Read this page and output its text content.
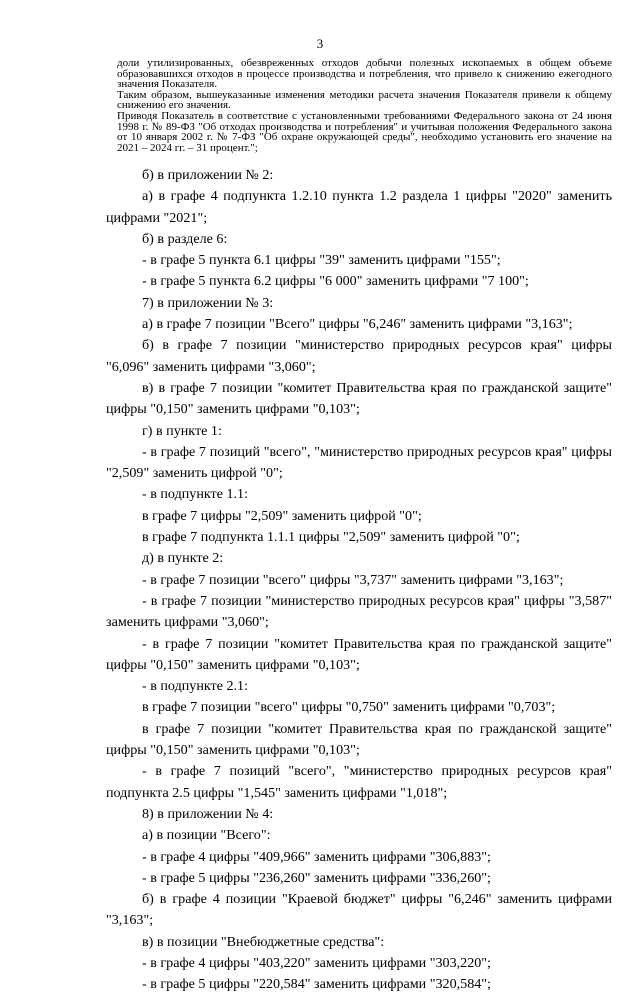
3

доли утилизированных, обезвреженных отходов добычи полезных ископаемых в общем объеме образовавшихся отходов в процессе производства и потребления, что привело к снижению ежегодного значения Показателя.

Таким образом, вышеуказанные изменения методики расчета значения Показателя привели к общему снижению его значения.

Приводя Показатель в соответствие с установленными требованиями Федерального закона от 24 июня 1998 г. № 89-ФЗ "Об отходах производства и потребления" и учитывая положения Федерального закона от 10 января 2002 г. № 7-ФЗ "Об охране окружающей среды", необходимо установить его значение на 2021 – 2024 гг. – 31 процент.";

б) в приложении № 2:

а) в графе 4 подпункта 1.2.10 пункта 1.2 раздела 1 цифры "2020" заменить цифрами "2021";

б) в разделе 6:

- в графе 5 пункта 6.1 цифры "39" заменить цифрами "155";

- в графе 5 пункта 6.2 цифры "6 000" заменить цифрами "7 100";

7) в приложении № 3:

а) в графе 7 позиции "Всего" цифры "6,246" заменить цифрами "3,163";

б) в графе 7 позиции "министерство природных ресурсов края" цифры "6,096" заменить цифрами "3,060";

в) в графе 7 позиции "комитет Правительства края по гражданской защите" цифры "0,150" заменить цифрами "0,103";

г) в пункте 1:

- в графе 7 позиций "всего", "министерство природных ресурсов края" цифры "2,509" заменить цифрой "0";

- в подпункте 1.1:

в графе 7 цифры "2,509" заменить цифрой "0";

в графе 7 подпункта 1.1.1 цифры "2,509" заменить цифрой "0";

д) в пункте 2:

- в графе 7 позиции "всего" цифры "3,737" заменить цифрами "3,163";

- в графе 7 позиции "министерство природных ресурсов края" цифры "3,587" заменить цифрами "3,060";

- в графе 7 позиции "комитет Правительства края по гражданской защите" цифры "0,150" заменить цифрами "0,103";

- в подпункте 2.1:

в графе 7 позиции "всего" цифры "0,750" заменить цифрами "0,703";

в графе 7 позиции "комитет Правительства края по гражданской защите" цифры "0,150" заменить цифрами "0,103";

- в графе 7 позиций "всего", "министерство природных ресурсов края" подпункта 2.5 цифры "1,545" заменить цифрами "1,018";

8) в приложении № 4:

а) в позиции "Всего":

- в графе 4 цифры "409,966" заменить цифрами "306,883";

- в графе 5 цифры "236,260" заменить цифрами "336,260";

б) в графе 4 позиции "Краевой бюджет" цифры "6,246" заменить цифрами "3,163";

в) в позиции "Внебюджетные средства":

- в графе 4 цифры "403,220" заменить цифрами "303,220";

- в графе 5 цифры "220,584" заменить цифрами "320,584";
